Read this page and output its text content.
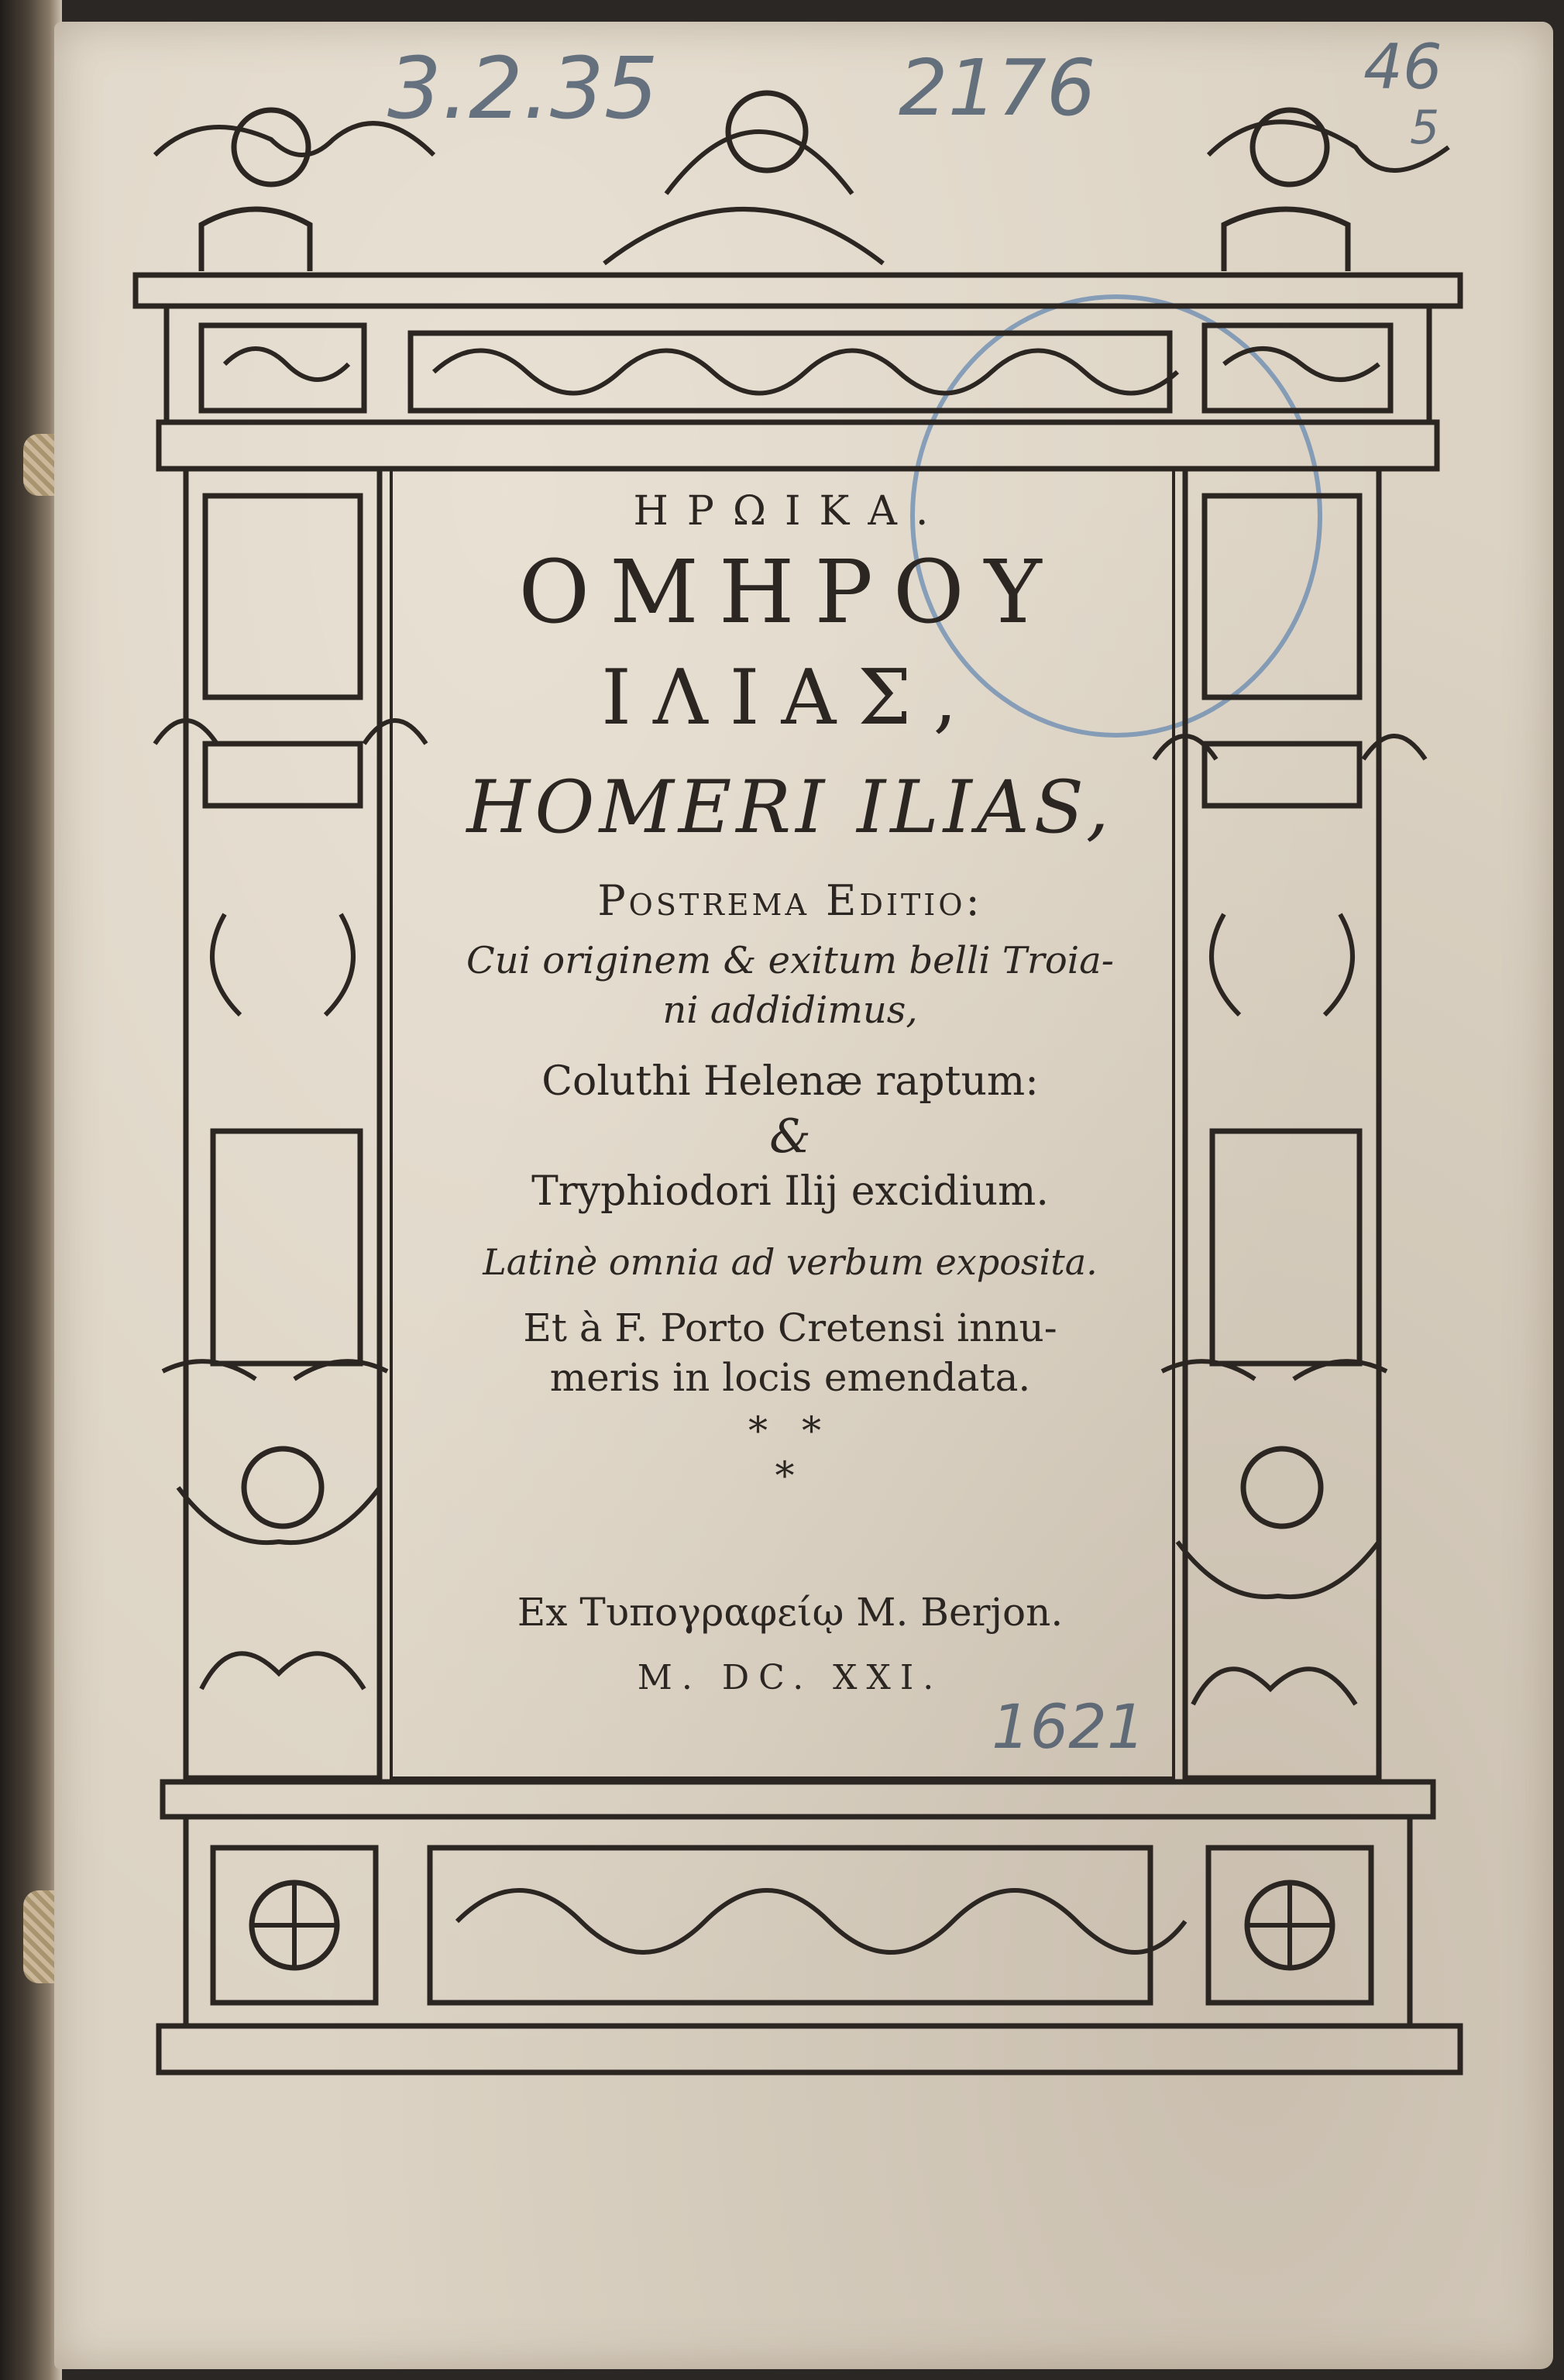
3.2.35	2176	46
5
1621
ΗΡΩΙΚΑ.
ΟΜΗΡΟΥ
ΙΛΙΑΣ,
HOMERI ILIAS,
Postrema Editio:
Cui originem & exitum belli Troia-
ni addidimus,
Coluthi Helenæ raptum:
&
Tryphiodori Ilij excidium.
Latinè omnia ad verbum exposita.
Et à F. Porto Cretensi innu-
meris in locis emendata.
* *
*
Ex Τυπογραφείῳ M. Berjon.
M. DC. XXI.
